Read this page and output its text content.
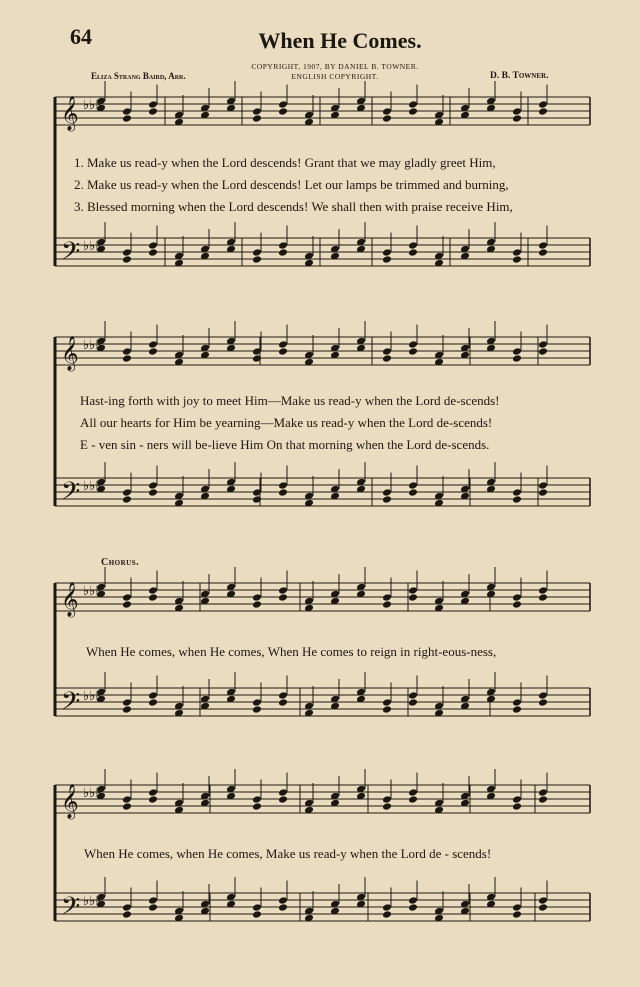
64	When He Comes.
COPYRIGHT, 1907, BY DANIEL B. TOWNER.
ENGLISH COPYRIGHT.
Eliza Strang Baird, Arr.	D. B. Towner.
𝄞 ♭♭♭
𝄢 ♭♭♭
𝄞 ♭♭♭
𝄢 ♭♭♭
𝄞 ♭♭♭
𝄢 ♭♭♭
𝄞 ♭♭♭
𝄢 ♭♭♭
1. Make us read-y when the Lord descends! Grant that we may gladly greet Him,
2. Make us read-y when the Lord descends! Let our lamps be trimmed and burning,
3. Blessed morning when the Lord descends! We shall then with praise receive Him,
Hast-ing forth with joy to meet Him—Make us read-y when the Lord de-scends!
All our hearts for Him be yearning—Make us read-y when the Lord de-scends!
E - ven sin - ners will be-lieve Him On that morning when the Lord de-scends.
Chorus.
When He comes, when He comes, When He comes to reign in right-eous-ness,
When He comes, when He comes, Make us read-y when the Lord de - scends!
